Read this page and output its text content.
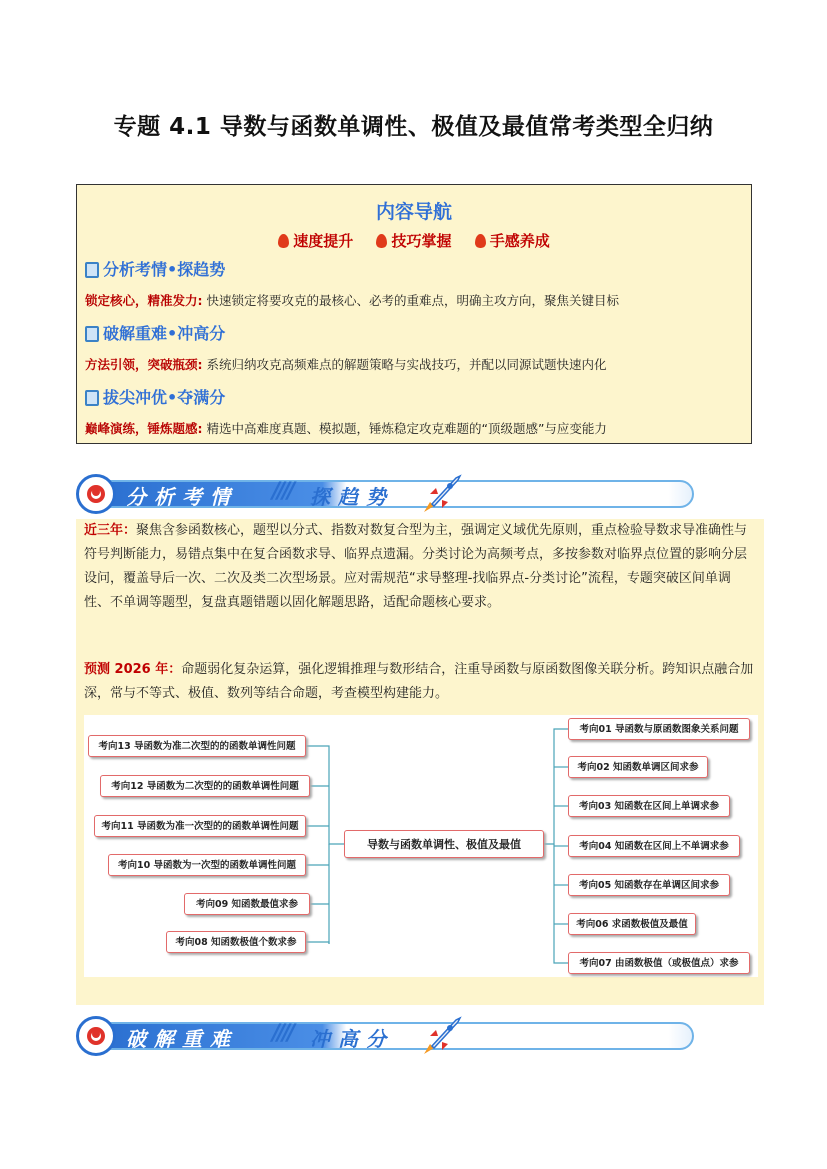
专题 4.1 导数与函数单调性、极值及最值常考类型全归纳
内容导航
速度提升	技巧掌握	手感养成
分析考情•探趋势
锁定核心，精准发力: 快速锁定将要攻克的最核心、必考的重难点，明确主攻方向，聚焦关键目标
破解重难•冲高分
方法引领，突破瓶颈: 系统归纳攻克高频难点的解题策略与实战技巧，并配以同源试题快速内化
拔尖冲优•夺满分
巅峰演练，锤炼题感: 精选中高难度真题、模拟题，锤炼稳定攻克难题的“顶级题感”与应变能力
分析考情 //// 探趋势
近三年：聚焦含参函数核心，题型以分式、指数对数复合型为主，强调定义域优先原则，重点检验导数求导准确性与符号判断能力，易错点集中在复合函数求导、临界点遗漏。分类讨论为高频考点，多按参数对临界点位置的影响分层设问，覆盖导后一次、二次及类二次型场景。应对需规范“求导整理-找临界点-分类讨论”流程，专题突破区间单调性、不单调等题型，复盘真题错题以固化解题思路，适配命题核心要求。
预测 2026 年：命题弱化复杂运算，强化逻辑推理与数形结合，注重导函数与原函数图像关联分析。跨知识点融合加深，常与不等式、极值、数列等结合命题，考查模型构建能力。
导数与函数单调性、极值及最值
考向13 导函数为准二次型的的函数单调性问题
考向12 导函数为二次型的的函数单调性问题
考向11 导函数为准一次型的的函数单调性问题
考向10 导函数为一次型的函数单调性问题
考向09 知函数最值求参
考向08 知函数极值个数求参
考向01 导函数与原函数图象关系问题
考向02 知函数单调区间求参
考向03 知函数在区间上单调求参
考向04 知函数在区间上不单调求参
考向05 知函数存在单调区间求参
考向06 求函数极值及最值
考向07 由函数极值（或极值点）求参
破解重难 //// 冲高分
